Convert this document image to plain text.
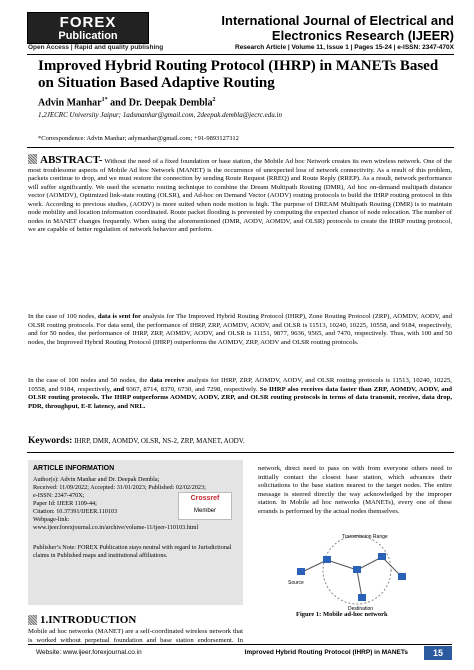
FOREX
Publication
Open Access | Rapid and quality publishing
International Journal of Electrical and Electronics Research (IJEER)
Research Article | Volume 11, Issue 1 | Pages 15-24 | e-ISSN: 2347-470X
Improved Hybrid Routing Protocol (IHRP) in MANETs Based on Situation Based Adaptive Routing
Advin Manhar$^{1*}$ and Dr. Deepak Dembla$^2$
1,2JECRC University Jaipur; 1adsmanhar@gmail.com, 2deepak.dembla@jecrc.edu.in
*Correspondence: Advin Manhar; adymanhar@gmail.com; +91-9893127312
ABSTRACT- Without the need of a fixed foundation or base station, the Mobile Ad hoc Network creates its own wireless network. One of the most troublesome aspects of Mobile Ad hoc Network (MANET) is the occurrence of unexpected loss of network connectivity. As a result of this problem, packets continue to drop, and we must restore the connection by sending Route Request (RREQ) and Route Reply (RREP). As a result, network performance will suffer significantly. We used the scenario routing technique to combine the Dream Multipath Routing (DMR), Ad hoc on-demand multipath distance vector (AOMDV), Optimized link-state routing (OLSR), and Ad-hoc on Demand Vector (AODV) routing protocols to build the IHRP routing protocol in this work. According to previous studies, (AODV) is more suited when node motion is high. The purpose of DREAM Multipath Routing (DMR) is to maintain node mobility and location information coordinated. Route packet flooding is prevented by computing the expected chance of node relocation. The number of nodes in MANET changes frequently. When using the aforementioned (DMR, AODV, AOMDV, and OLSR) protocols to create the IHRP routing protocol, we are capable of better regulation of network behavior and perform.
In the case of 100 nodes, data is sent for analysis for The Improved Hybrid Routing Protocol (IHRP), Zone Routing Protocol (ZRP), AOMDV, AODV, and OLSR routing protocols. For data send, the performance of IHRP, ZRP, AOMDV, AODV, and OLSR is 11513, 10240, 10225, 10558, and 9184, respectively, and for 50 nodes, the performance of IHRP, ZRP, AOMDV, AODV, and OLSR is 11151, 9877, 9636, 9565, and 7470, respectively. Thus, with 100 and 50 nodes, the Improved Hybrid Routing Protocol (IHRP) outperforms the AOMDV, ZRP, AODV and OLSR routing protocols.
In the case of 100 nodes and 50 nodes, the data receive analysis for IHRP, ZRP, AOMDV, AODV, and OLSR routing protocols is 11513, 10240, 10225, 10558, and 9184, respectively, and 9367, 8714, 8370, 6730, and 7298, respectively. So IHRP also receives data faster than ZRP, AOMDV, AODV, and OLSR routing protocols. The IHRP outperforms AOMDV, AODV, ZRP, and OLSR routing protocols in terms of data transmit, receive, data drop, PDR, throughput, E-E latency, and NRL.
Keywords: IHRP, DMR, AOMDV, OLSR, NS-2, ZRP, MANET, AODV.
ARTICLE INFORMATION
Author(s): Advin Manhar and Dr. Deepak Dembla;
Received: 11/09/2022; Accepted: 31/01/2023; Published: 02/02/2023;
e-ISSN: 2347-470X;
Paper Id: IJEER 1109-44;
Citation: 10.37391/IJEER.110103
Webpage-link:
www.ijeer.forexjournal.co.in/archive/volume-11/ijeer-110103.html
Crossref
Member
Publisher’s Note: FOREX Publication stays neutral with regard to Jurisdictional claims in Published maps and institutional affiliations.
1. INTRODUCTION
Mobile ad hoc networks (MANET) are a self-coordinated wireless network that is worked without perpetual foundation and base station endorsement. In
network, direct need to pass on with from everyone others need to initially contact the closest base station, which advances their solicitations to the base station nearest to the target nodes. The entire message is steered directly the way acknowledged by the improper station. In Mobile ad hoc networks (MANETs), every one of these errands is performed by the actual nodes themselves.
Transmission Range
Source
Destination
Figure 1: Mobile ad-hoc network
Website: www.ijeer.forexjournal.co.in	Improved Hybrid Routing Protocol (IHRP) in MANETs	15
